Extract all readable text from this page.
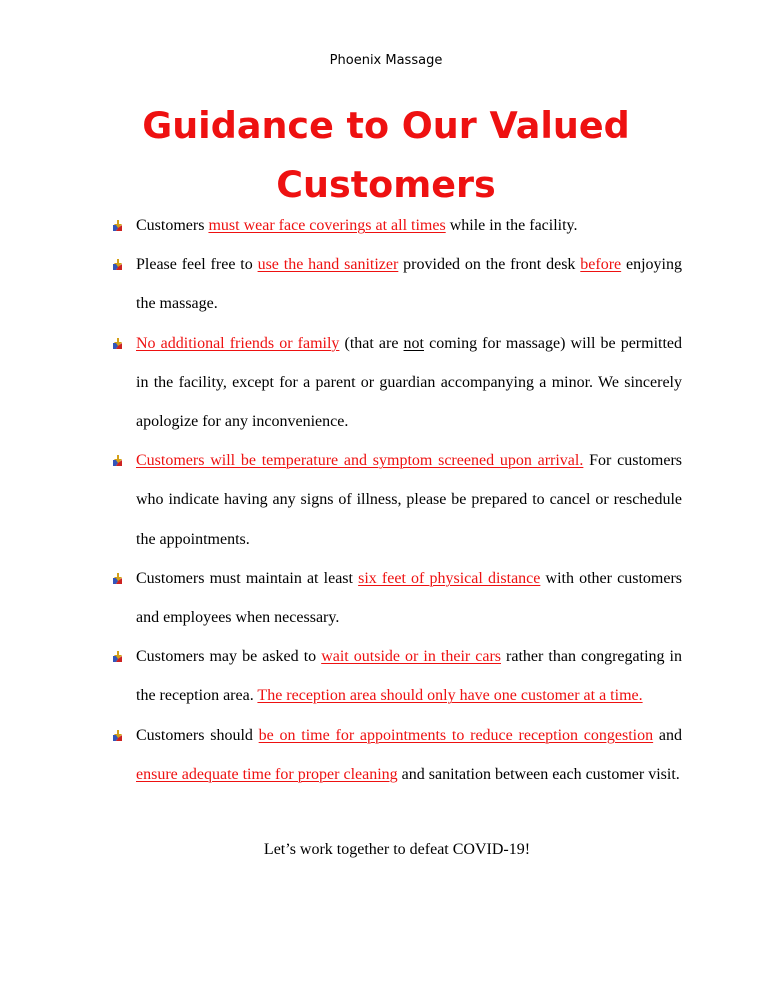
Phoenix Massage
Guidance to Our Valued Customers
Customers must wear face coverings at all times while in the facility.
Please feel free to use the hand sanitizer provided on the front desk before enjoying the massage.
No additional friends or family (that are not coming for massage) will be permitted in the facility, except for a parent or guardian accompanying a minor. We sincerely apologize for any inconvenience.
Customers will be temperature and symptom screened upon arrival. For customers who indicate having any signs of illness, please be prepared to cancel or reschedule the appointments.
Customers must maintain at least six feet of physical distance with other customers and employees when necessary.
Customers may be asked to wait outside or in their cars rather than congregating in the reception area. The reception area should only have one customer at a time.
Customers should be on time for appointments to reduce reception congestion and ensure adequate time for proper cleaning and sanitation between each customer visit.
Let’s work together to defeat COVID-19!
